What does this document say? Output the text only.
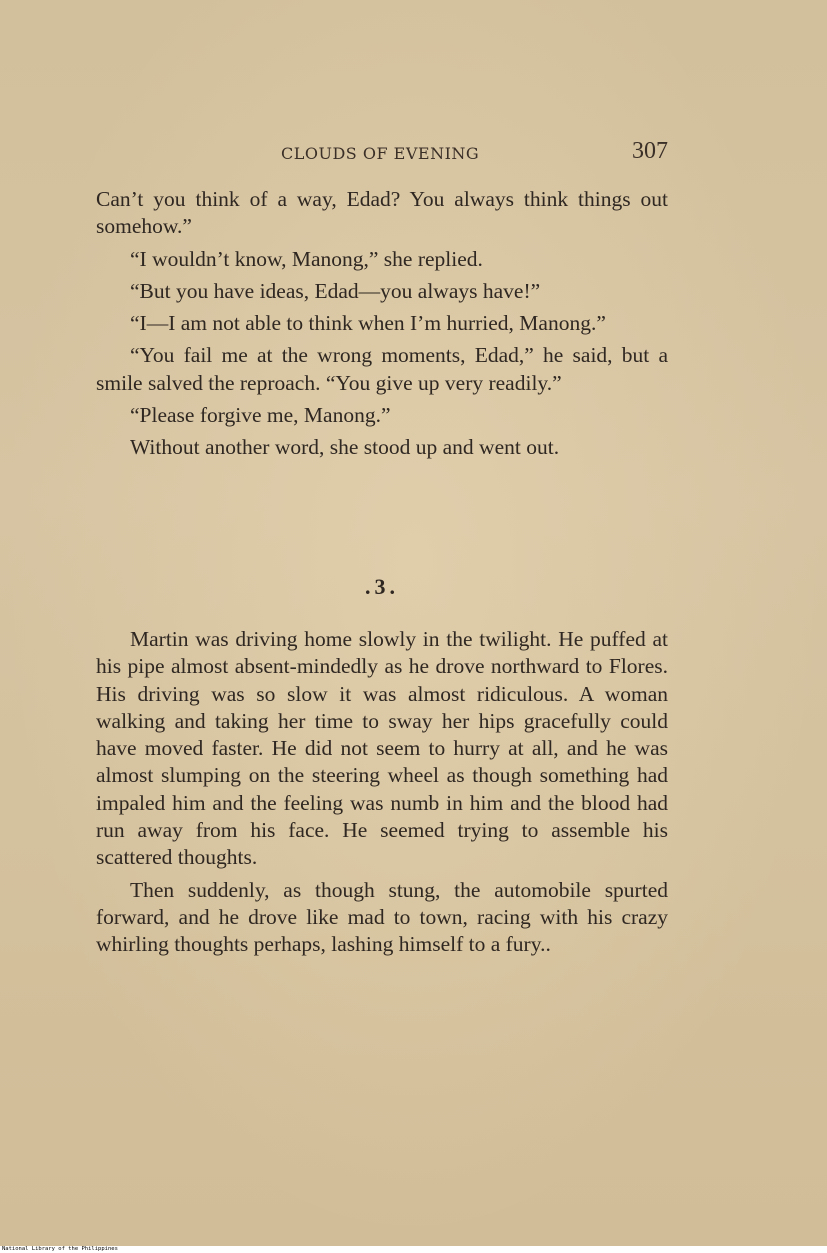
CLOUDS OF EVENING	307

Can’t you think of a way, Edad? You always think things out somehow.”

“I wouldn’t know, Manong,” she replied.

“But you have ideas, Edad—you always have!”

“I—I am not able to think when I’m hurried, Manong.”

“You fail me at the wrong moments, Edad,” he said, but a smile salved the reproach. “You give up very readily.”

“Please forgive me, Manong.”

Without another word, she stood up and went out.

.3.

Martin was driving home slowly in the twilight. He puffed at his pipe almost absent-mindedly as he drove northward to Flores. His driving was so slow it was almost ridiculous. A woman walking and taking her time to sway her hips gracefully could have moved faster. He did not seem to hurry at all, and he was almost slumping on the steering wheel as though something had impaled him and the feeling was numb in him and the blood had run away from his face. He seemed trying to assemble his scattered thoughts.

Then suddenly, as though stung, the automobile spurted forward, and he drove like mad to town, racing with his crazy whirling thoughts perhaps, lashing himself to a fury..

National Library of the Philippines
